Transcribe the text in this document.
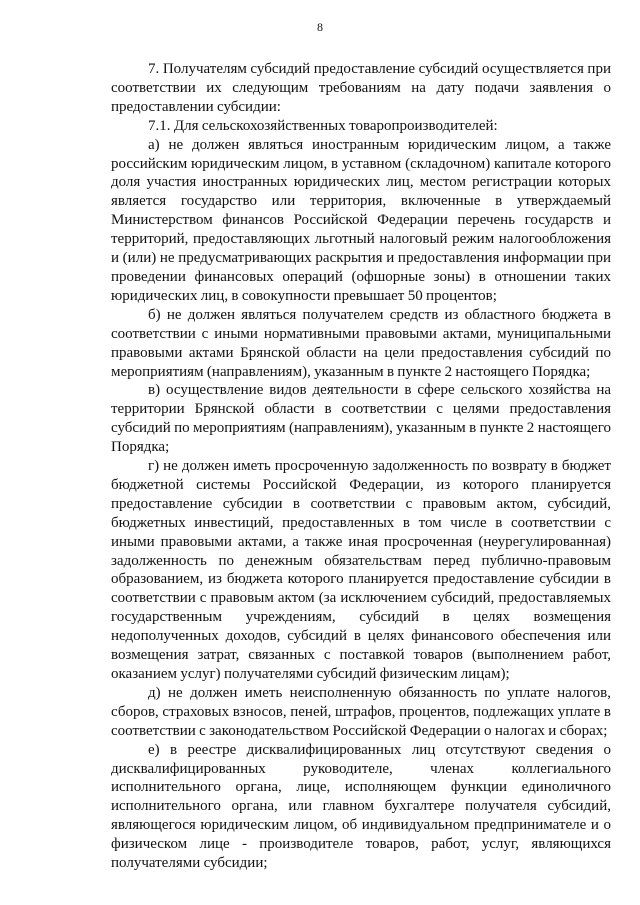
8

7. Получателям субсидий предоставление субсидий осуществляется при соответствии их следующим требованиям на дату подачи заявления о предоставлении субсидии:

7.1. Для сельскохозяйственных товаропроизводителей:

а) не должен являться иностранным юридическим лицом, а также российским юридическим лицом, в уставном (складочном) капитале которого доля участия иностранных юридических лиц, местом регистрации которых является государство или территория, включенные в утверждаемый Министерством финансов Российской Федерации перечень государств и территорий, предоставляющих льготный налоговый режим налогообложения и (или) не предусматривающих раскрытия и предоставления информации при проведении финансовых операций (офшорные зоны) в отношении таких юридических лиц, в совокупности превышает 50 процентов;

б) не должен являться получателем средств из областного бюджета в соответствии с иными нормативными правовыми актами, муниципальными правовыми актами Брянской области на цели предоставления субсидий по мероприятиям (направлениям), указанным в пункте 2 настоящего Порядка;

в) осуществление видов деятельности в сфере сельского хозяйства на территории Брянской области в соответствии с целями предоставления субсидий по мероприятиям (направлениям), указанным в пункте 2 настоящего Порядка;

г) не должен иметь просроченную задолженность по возврату в бюджет бюджетной системы Российской Федерации, из которого планируется предоставление субсидии в соответствии с правовым актом, субсидий, бюджетных инвестиций, предоставленных в том числе в соответствии с иными правовыми актами, а также иная просроченная (неурегулированная) задолженность по денежным обязательствам перед публично-правовым образованием, из бюджета которого планируется предоставление субсидии в соответствии с правовым актом (за исключением субсидий, предоставляемых государственным учреждениям, субсидий в целях возмещения недополученных доходов, субсидий в целях финансового обеспечения или возмещения затрат, связанных с поставкой товаров (выполнением работ, оказанием услуг) получателями субсидий физическим лицам);

д) не должен иметь неисполненную обязанность по уплате налогов, сборов, страховых взносов, пеней, штрафов, процентов, подлежащих уплате в соответствии с законодательством Российской Федерации о налогах и сборах;

е) в реестре дисквалифицированных лиц отсутствуют сведения о дисквалифицированных руководителе, членах коллегиального исполнительного органа, лице, исполняющем функции единоличного исполнительного органа, или главном бухгалтере получателя субсидий, являющегося юридическим лицом, об индивидуальном предпринимателе и о физическом лице - производителе товаров, работ, услуг, являющихся получателями субсидии;
